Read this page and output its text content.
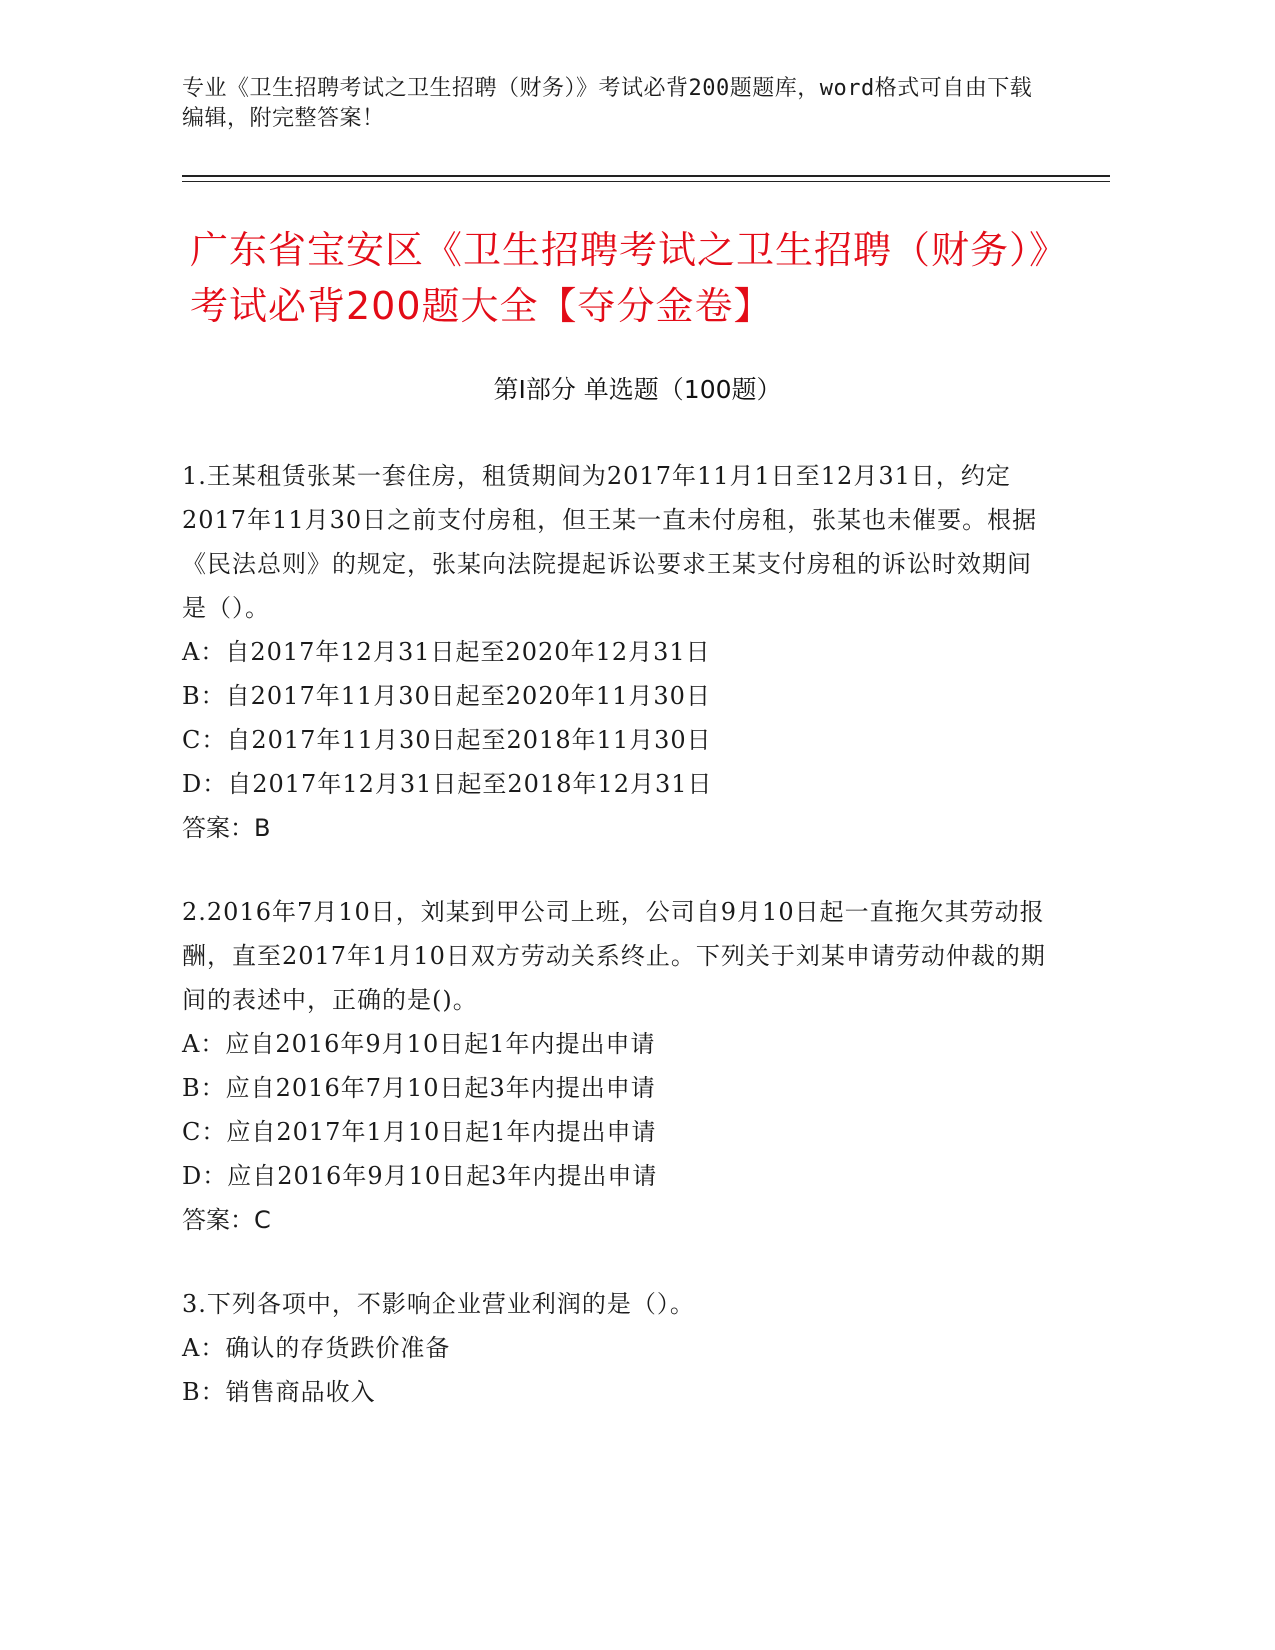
专业《卫生招聘考试之卫生招聘（财务）》考试必背200题题库，word格式可自由下载编辑，附完整答案！
广东省宝安区《卫生招聘考试之卫生招聘（财务）》考试必背200题大全【夺分金卷】
第I部分 单选题（100题）
1.王某租赁张某一套住房，租赁期间为2017年11月1日至12月31日，约定2017年11月30日之前支付房租，但王某一直未付房租，张某也未催要。根据《民法总则》的规定，张某向法院提起诉讼要求王某支付房租的诉讼时效期间是（）。
A：自2017年12月31日起至2020年12月31日
B：自2017年11月30日起至2020年11月30日
C：自2017年11月30日起至2018年11月30日
D：自2017年12月31日起至2018年12月31日
答案：B
2.2016年7月10日，刘某到甲公司上班，公司自9月10日起一直拖欠其劳动报酬，直至2017年1月10日双方劳动关系终止。下列关于刘某申请劳动仲裁的期间的表述中，正确的是()。
A：应自2016年9月10日起1年内提出申请
B：应自2016年7月10日起3年内提出申请
C：应自2017年1月10日起1年内提出申请
D：应自2016年9月10日起3年内提出申请
答案：C
3.下列各项中，不影响企业营业利润的是（）。
A：确认的存货跌价准备
B：销售商品收入
